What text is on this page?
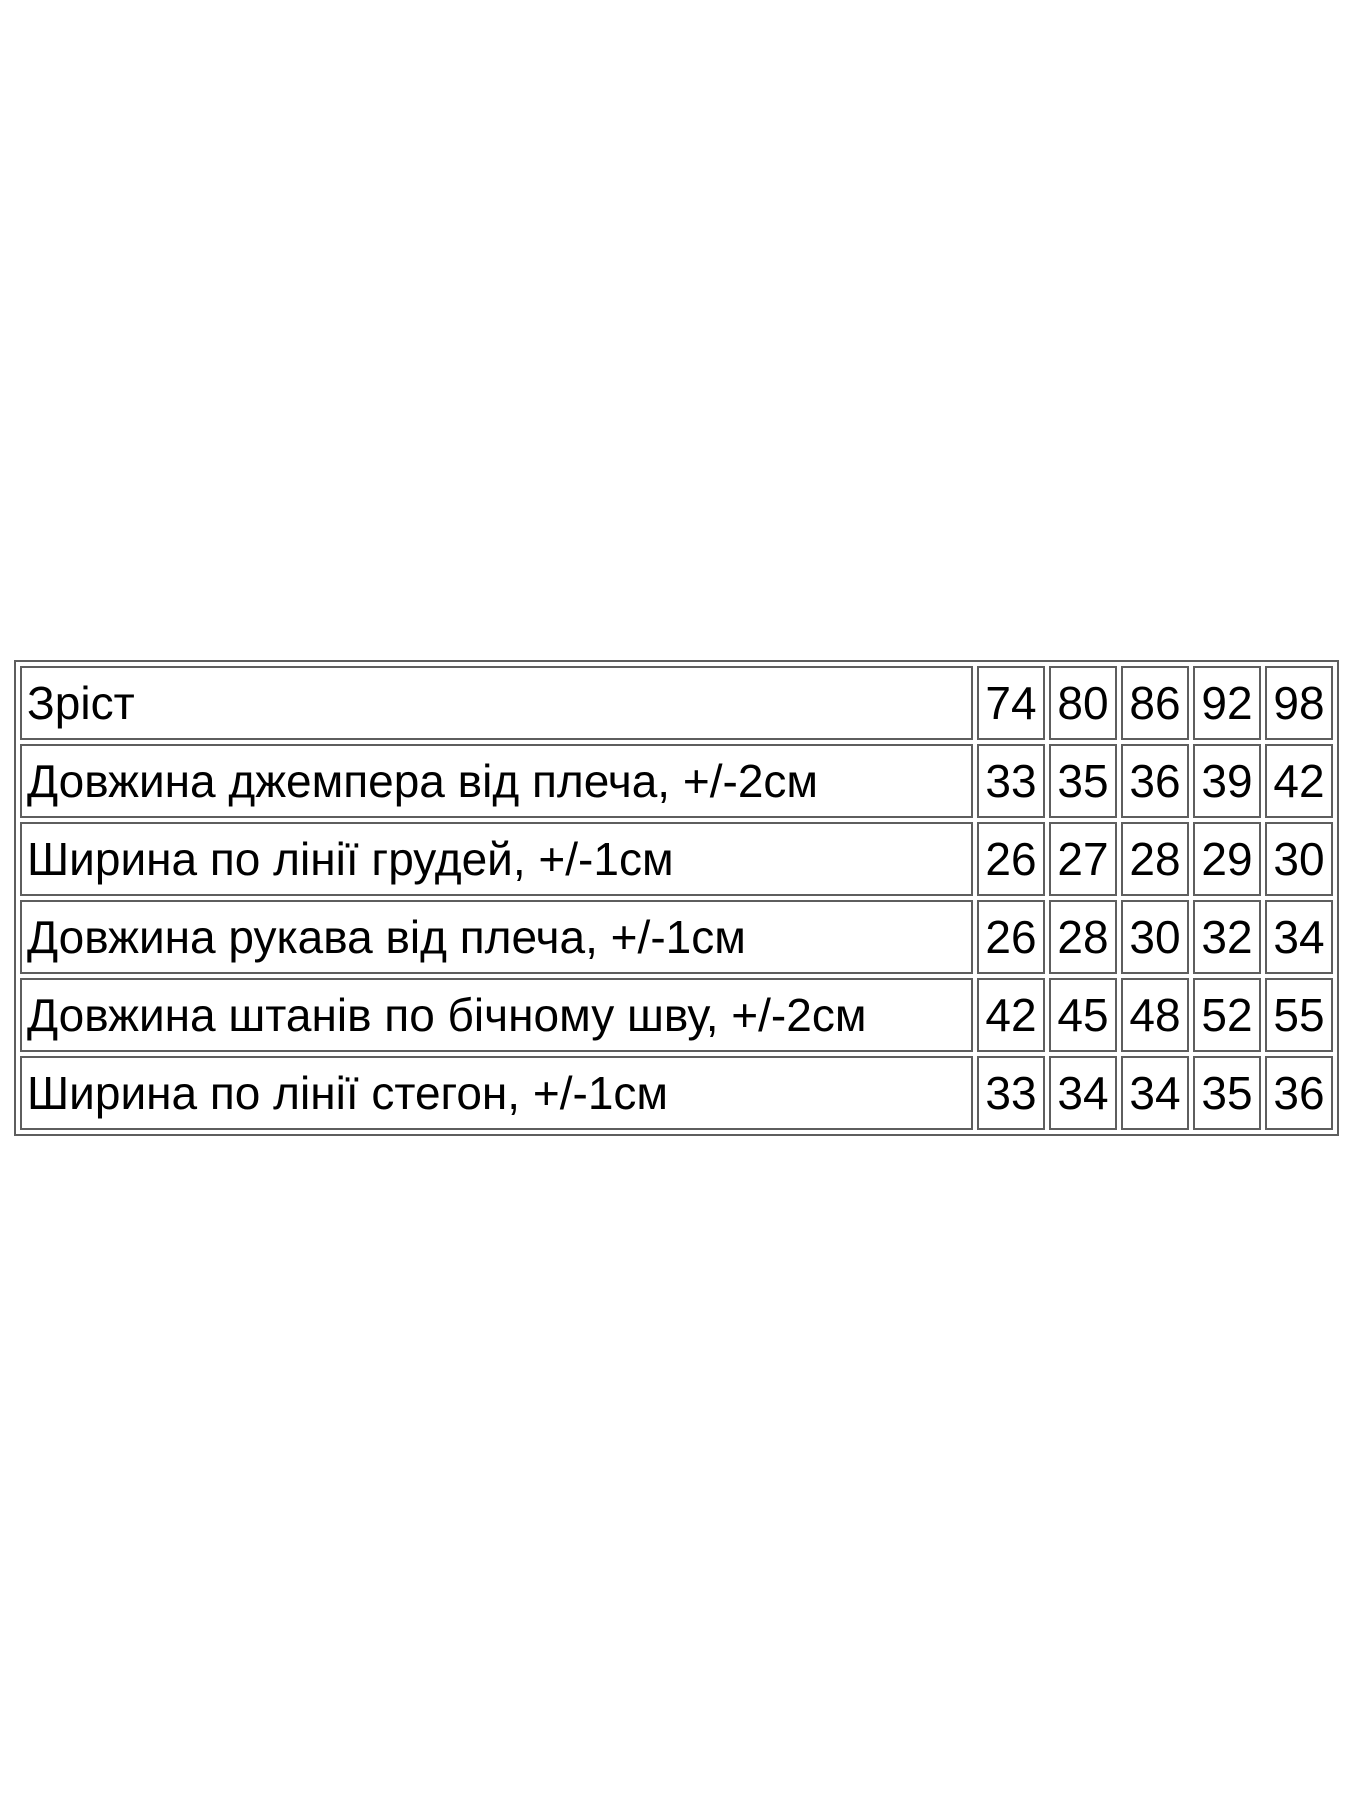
Зріст	74	80	86	92	98
Довжина джемпера від плеча, +/-2см	33	35	36	39	42
Ширина по лінії грудей, +/-1см	26	27	28	29	30
Довжина рукава від плеча, +/-1см	26	28	30	32	34
Довжина штанів по бічному шву, +/-2см	42	45	48	52	55
Ширина по лінії стегон, +/-1см	33	34	34	35	36
